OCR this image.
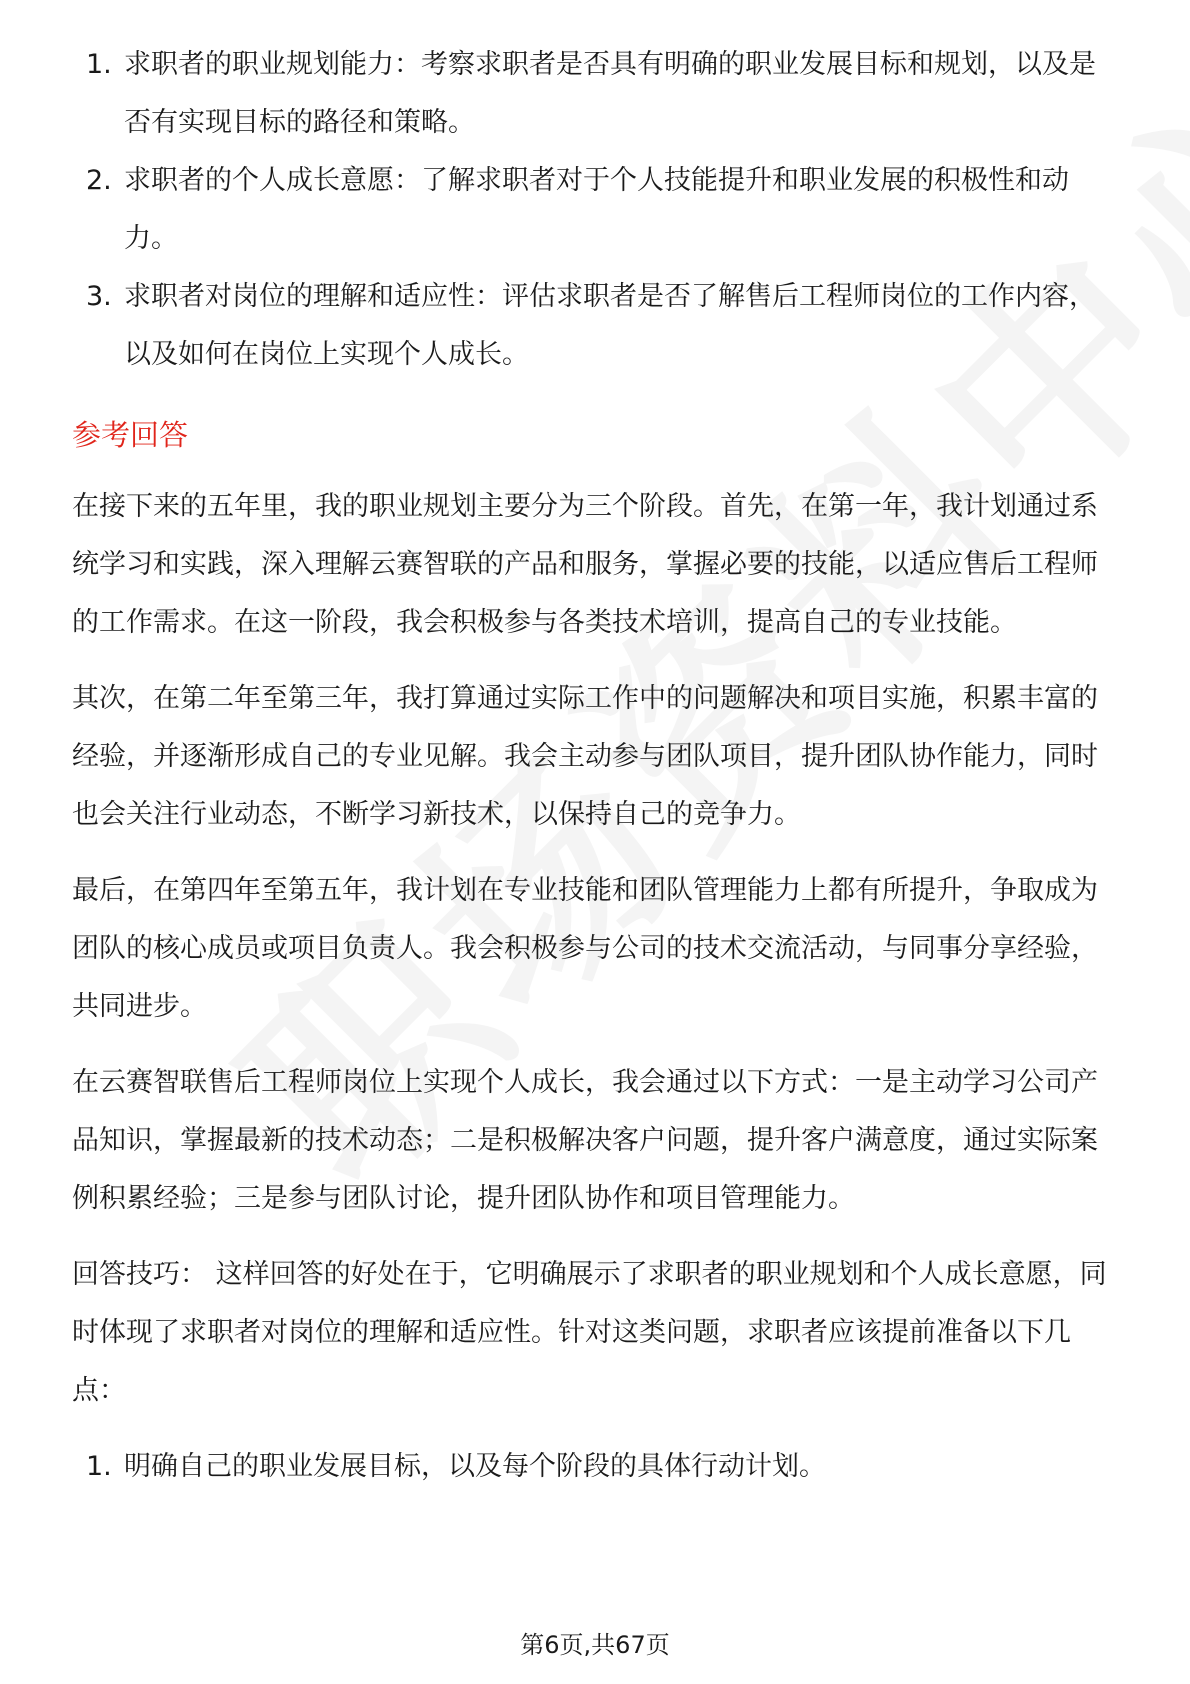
1. 求职者的职业规划能力：考察求职者是否具有明确的职业发展目标和规划，以及是否有实现目标的路径和策略。
2. 求职者的个人成长意愿：了解求职者对于个人技能提升和职业发展的积极性和动力。
3. 求职者对岗位的理解和适应性：评估求职者是否了解售后工程师岗位的工作内容，以及如何在岗位上实现个人成长。
参考回答

在接下来的五年里，我的职业规划主要分为三个阶段。首先，在第一年，我计划通过系统学习和实践，深入理解云赛智联的产品和服务，掌握必要的技能，以适应售后工程师的工作需求。在这一阶段，我会积极参与各类技术培训，提高自己的专业技能。

其次，在第二年至第三年，我打算通过实际工作中的问题解决和项目实施，积累丰富的经验，并逐渐形成自己的专业见解。我会主动参与团队项目，提升团队协作能力，同时也会关注行业动态，不断学习新技术，以保持自己的竞争力。

最后，在第四年至第五年，我计划在专业技能和团队管理能力上都有所提升，争取成为团队的核心成员或项目负责人。我会积极参与公司的技术交流活动，与同事分享经验，共同进步。

在云赛智联售后工程师岗位上实现个人成长，我会通过以下方式：一是主动学习公司产品知识，掌握最新的技术动态；二是积极解决客户问题，提升客户满意度，通过实际案例积累经验；三是参与团队讨论，提升团队协作和项目管理能力。

回答技巧： 这样回答的好处在于，它明确展示了求职者的职业规划和个人成长意愿，同时体现了求职者对岗位的理解和适应性。针对这类问题，求职者应该提前准备以下几点：

1. 明确自己的职业发展目标，以及每个阶段的具体行动计划。
第6页,共67页
